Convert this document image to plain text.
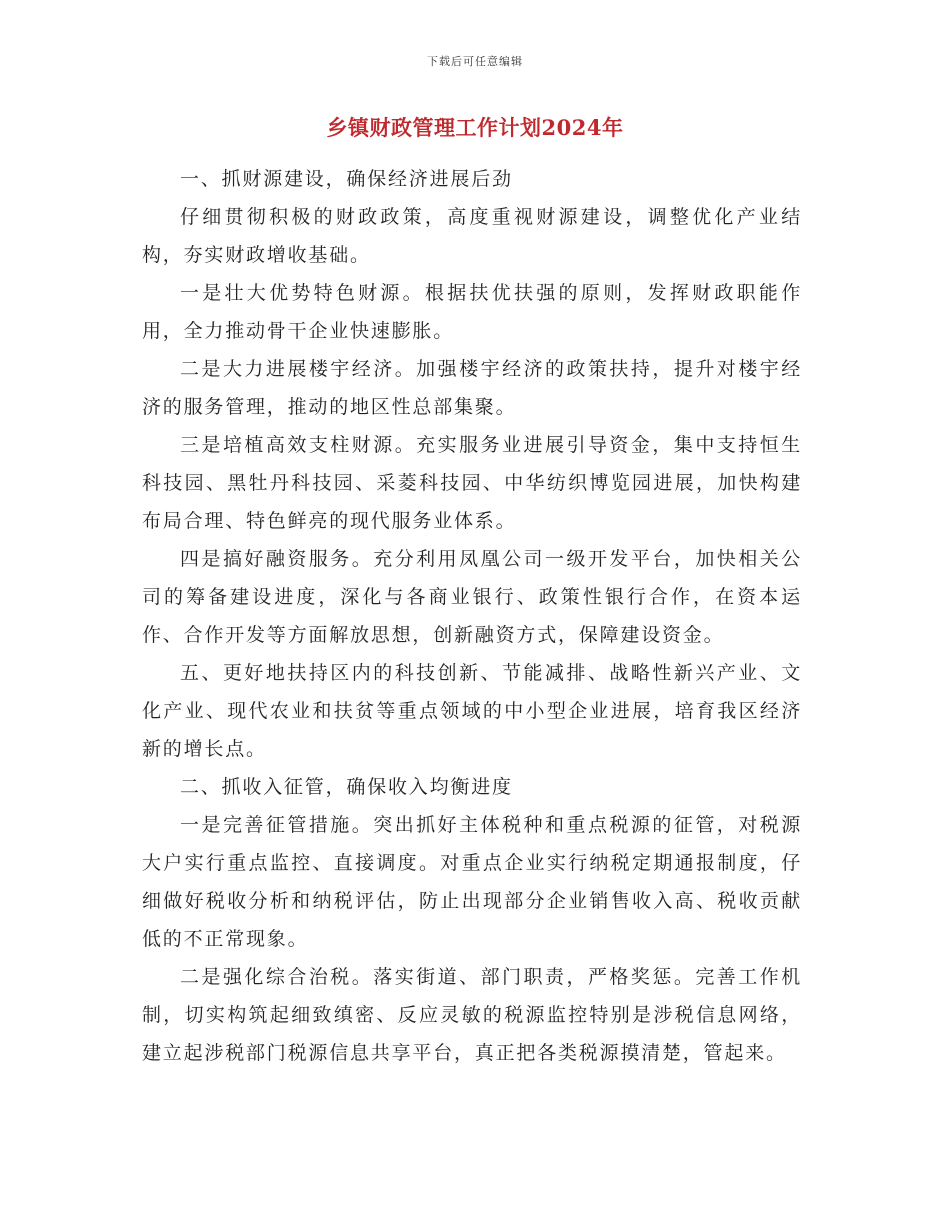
下载后可任意编辑
乡镇财政管理工作计划2024年

一、抓财源建设，确保经济进展后劲

仔细贯彻积极的财政政策，高度重视财源建设，调整优化产业结构，夯实财政增收基础。

一是壮大优势特色财源。根据扶优扶强的原则，发挥财政职能作用，全力推动骨干企业快速膨胀。

二是大力进展楼宇经济。加强楼宇经济的政策扶持，提升对楼宇经济的服务管理，推动的地区性总部集聚。

三是培植高效支柱财源。充实服务业进展引导资金，集中支持恒生科技园、黑牡丹科技园、采菱科技园、中华纺织博览园进展，加快构建布局合理、特色鲜亮的现代服务业体系。

四是搞好融资服务。充分利用凤凰公司一级开发平台，加快相关公司的筹备建设进度，深化与各商业银行、政策性银行合作，在资本运作、合作开发等方面解放思想，创新融资方式，保障建设资金。

五、更好地扶持区内的科技创新、节能减排、战略性新兴产业、文化产业、现代农业和扶贫等重点领域的中小型企业进展，培育我区经济新的增长点。

二、抓收入征管，确保收入均衡进度

一是完善征管措施。突出抓好主体税种和重点税源的征管，对税源大户实行重点监控、直接调度。对重点企业实行纳税定期通报制度，仔细做好税收分析和纳税评估，防止出现部分企业销售收入高、税收贡献低的不正常现象。

二是强化综合治税。落实街道、部门职责，严格奖惩。完善工作机制，切实构筑起细致缜密、反应灵敏的税源监控特别是涉税信息网络，建立起涉税部门税源信息共享平台，真正把各类税源摸清楚，管起来。
